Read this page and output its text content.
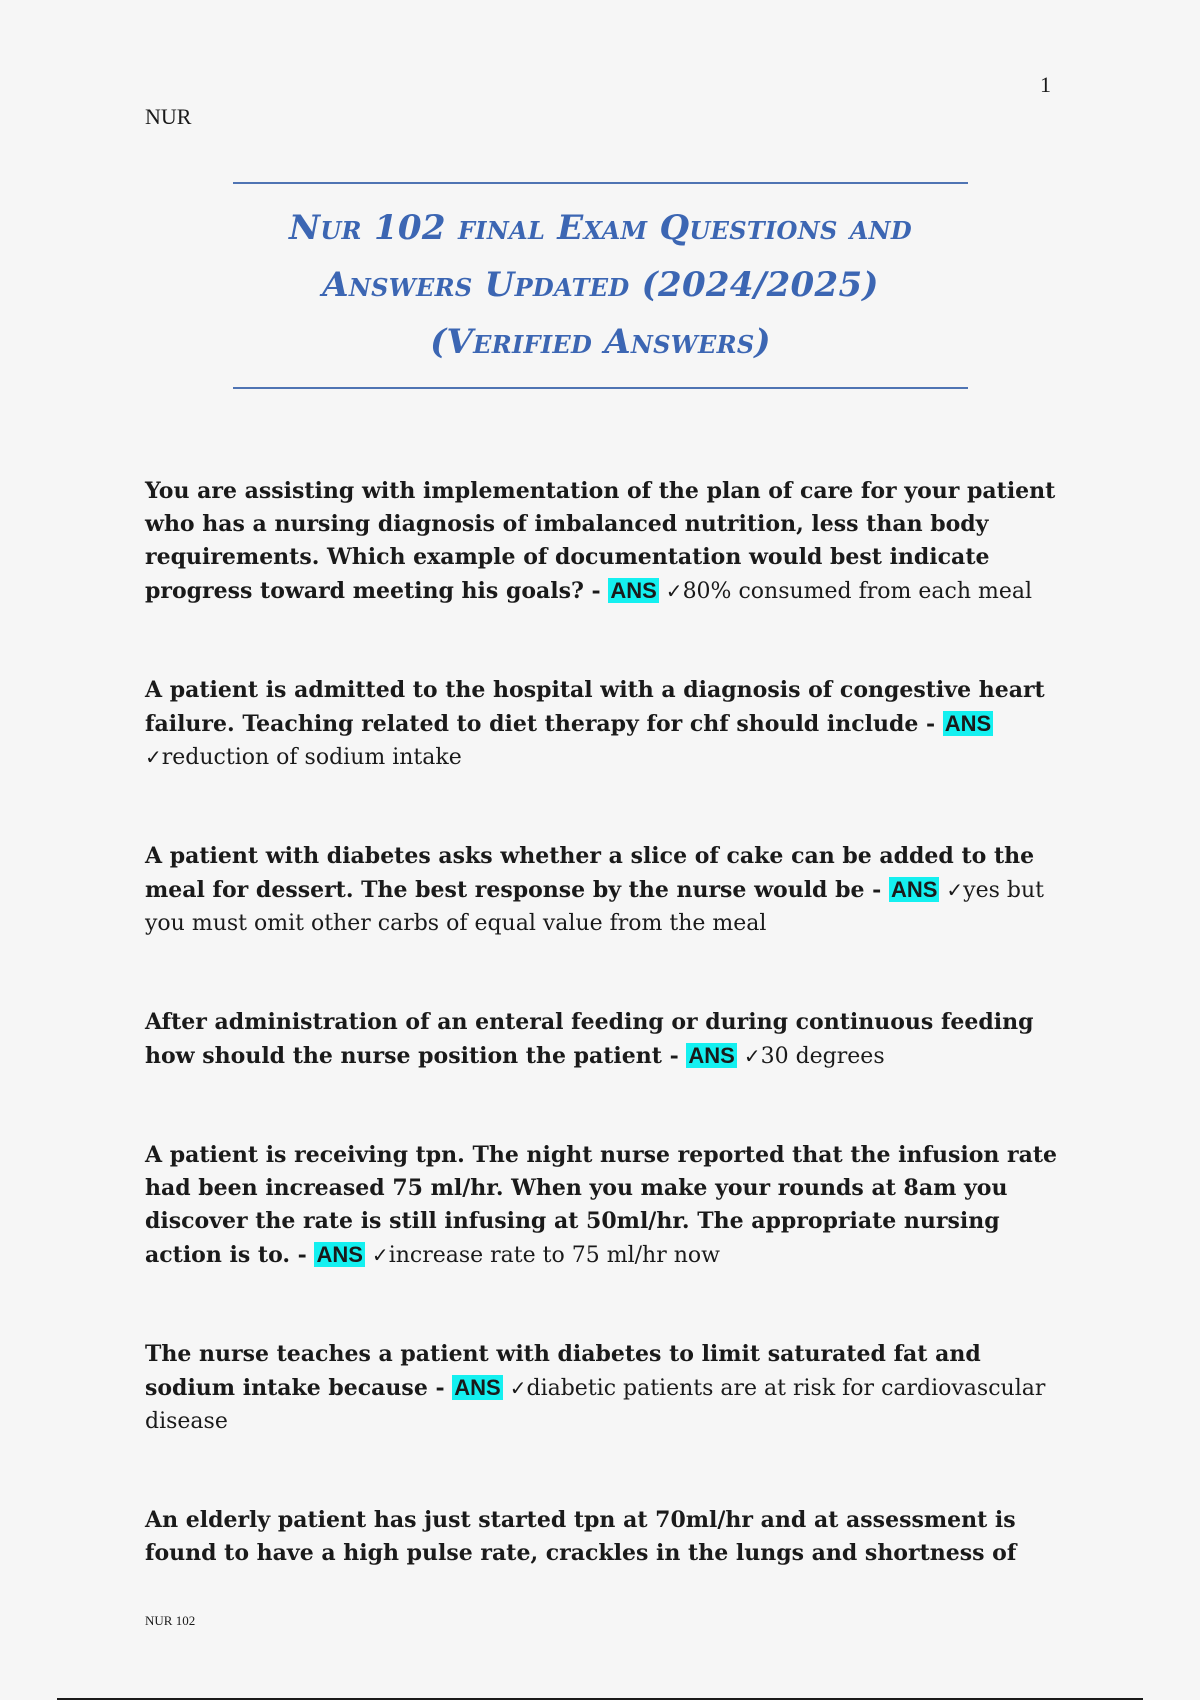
1
NUR
Nur 102 final Exam Questions and
Answers Updated (2024/2025)
(Verified Answers)
You are assisting with implementation of the plan of care for your patient who has a nursing diagnosis of imbalanced nutrition, less than body requirements. Which example of documentation would best indicate progress toward meeting his goals? - ANS ✓80% consumed from each meal
A patient is admitted to the hospital with a diagnosis of congestive heart failure. Teaching related to diet therapy for chf should include - ANS ✓reduction of sodium intake
A patient with diabetes asks whether a slice of cake can be added to the meal for dessert. The best response by the nurse would be - ANS ✓yes but you must omit other carbs of equal value from the meal
After administration of an enteral feeding or during continuous feeding how should the nurse position the patient - ANS ✓30 degrees
A patient is receiving tpn. The night nurse reported that the infusion rate had been increased 75 ml/hr. When you make your rounds at 8am you discover the rate is still infusing at 50ml/hr. The appropriate nursing action is to. - ANS ✓increase rate to 75 ml/hr now
The nurse teaches a patient with diabetes to limit saturated fat and sodium intake because - ANS ✓diabetic patients are at risk for cardiovascular disease
An elderly patient has just started tpn at 70ml/hr and at assessment is found to have a high pulse rate, crackles in the lungs and shortness of
NUR 102
